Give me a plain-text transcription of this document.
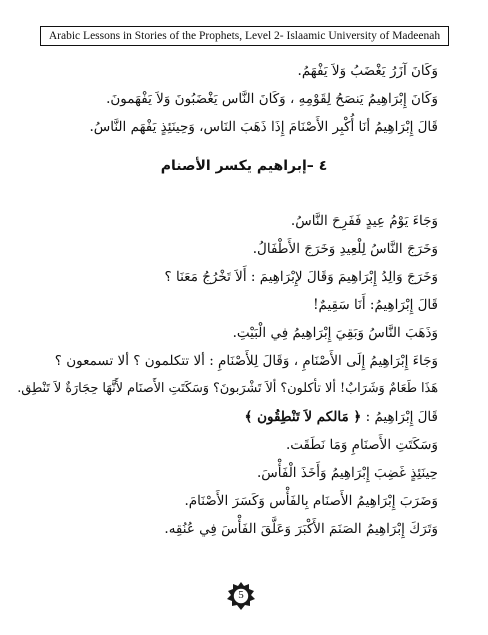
Arabic Lessons in Stories of the Prophets, Level 2- Islaamic University of Madeenah
وَكَانَ آزَرُ يَغْضَبُ وَلاَ يَفْهَمُ.
وَكَانَ إِبْرَاهِيمُ يَنصَحُ لِقَوْمِهِ ، وَكَانَ النَّاس يَغْضَبُونَ وَلاَ يَفْهَمونَ.
قَالَ إِبْرَاهِيمُ أنَا أُكْبِر الأَصْنَامَ إِذَا ذَهَبَ النَاس، وَحِينَئِذٍ يَفْهَم النَّاسُ.
٤ –إبراهيم يكسر الأصنام
وَجَاءَ يَوْمُ عِيدٍ فَفَرِحَ النَّاسُ.
وَخَرَجَ النَّاسُ لِلْعِيدِ وَخَرَجَ الأَطْفَالُ.
وَخَرَجَ وَالِدُ إِبْرَاهِيمَ وَقَالَ لإِبْرَاهِيمَ : أَلاَ تَخْرُجُ مَعَنَا ؟
قَالَ إِبْرَاهِيمُ: أَنَا سَقِيمٌ!
وَذَهَبَ النَّاسُ وَبَقِيَ إِبْرَاهِيمُ فِي الْبَيْتِ.
وَجَاءَ إِبْرَاهِيمُ إِلَى الأَصْنَامِ ، وَقَالَ لِلأَصْنَامِ : ألا تتكلمون ؟ ألا تسمعون ؟
هَذَا طَعَامٌ وَشَرَابٌ! ألا تأكلون؟ ألاَ تَشْرَبونَ؟ وَسَكَتَتِ الأَصنَام لأَنَّهَا حِجَارَةٌ لاَ تَنْطِق.
قَالَ إِبْرَاهِيمُ : ﴿ مَالكم لاَ تَنْطِقُون ﴾
وَسَكَتَتِ الأَصنَامِ وَمَا نَطَقَت.
حِينَئِذٍ غَضِبَ إِبْرَاهِيمُ وَأَخَذَ الْفَأْسَ.
وَضَرَبَ إِبْرَاهِيمُ الأَصنَام بِالفَأْس وَكَسَرَ الأَصْنَامَ.
وَتَرَكَ إِبْرَاهِيمُ الصَنَمَ الأَكْبَرَ وَعَلَّقَ الفَأْسَ فِي عُنُقِه.
5
